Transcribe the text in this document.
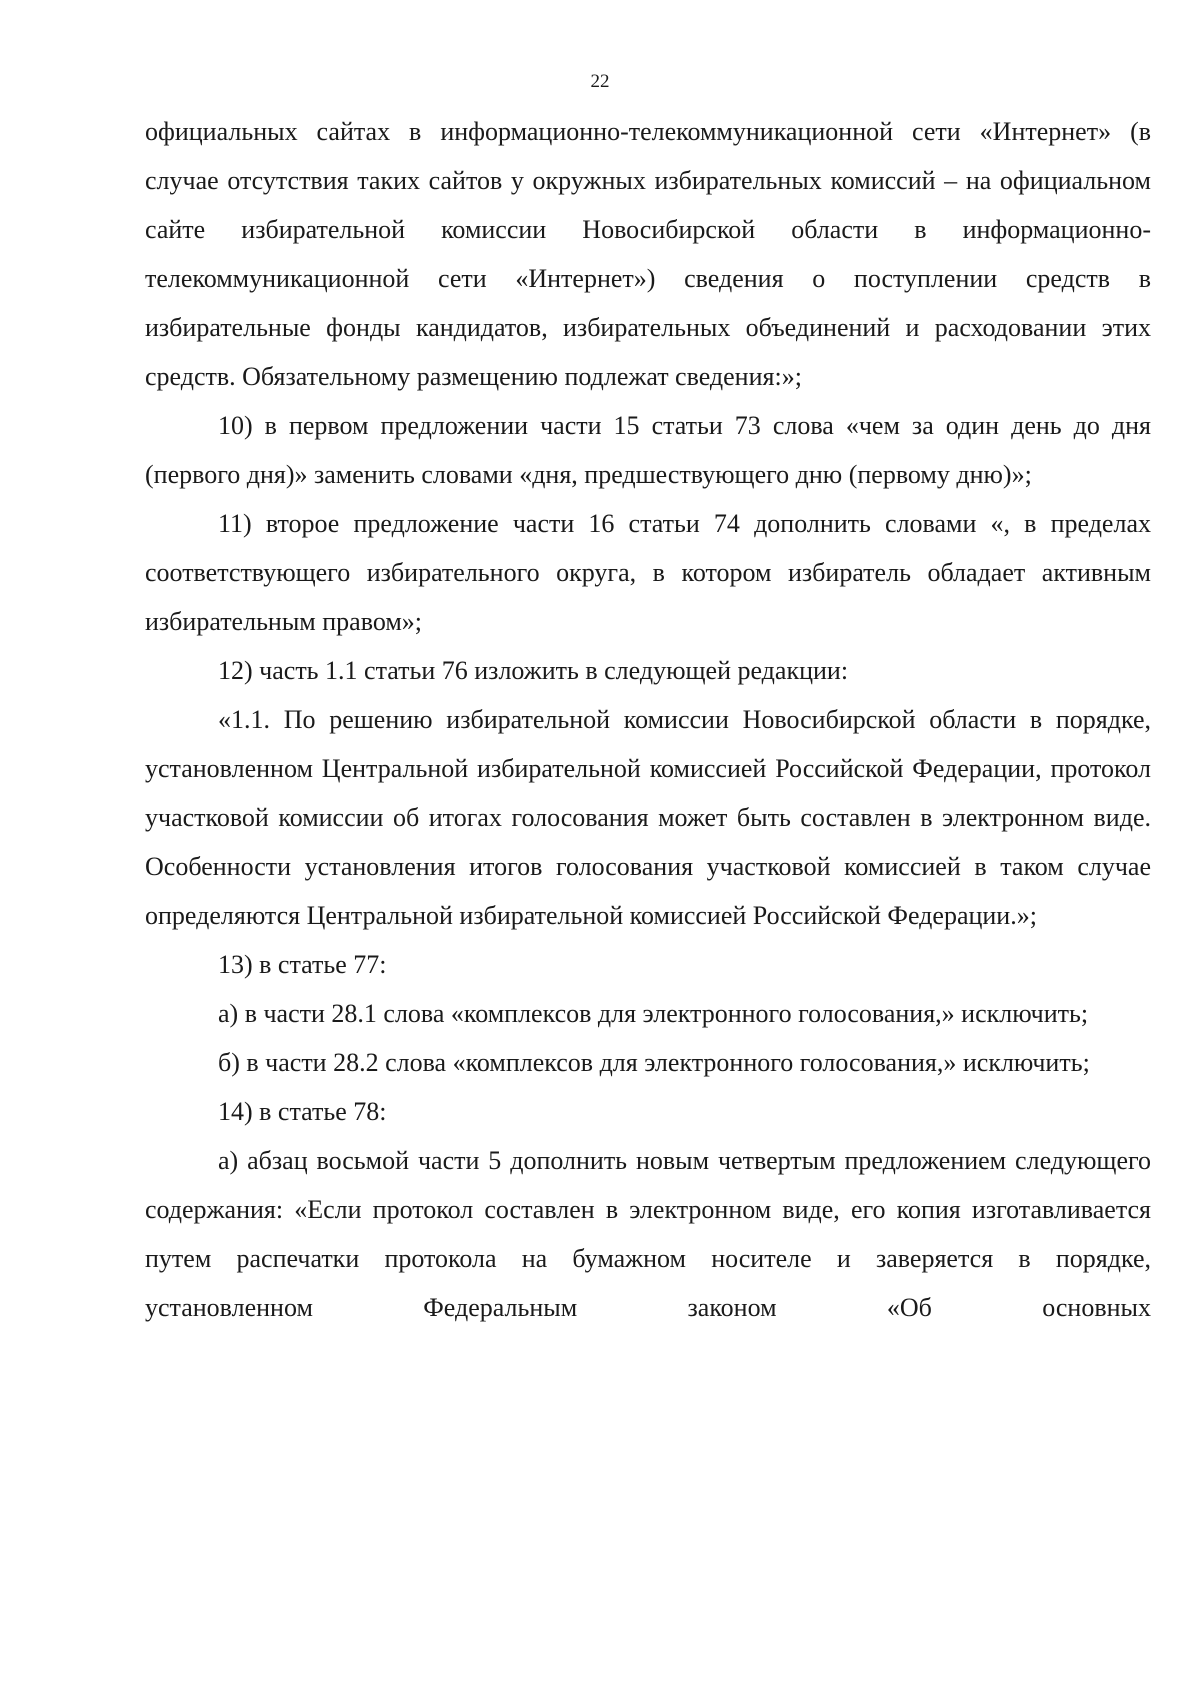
22

официальных сайтах в информационно-телекоммуникационной сети «Интернет» (в случае отсутствия таких сайтов у окружных избирательных комиссий – на официальном сайте избирательной комиссии Новосибирской области в информационно-телекоммуникационной сети «Интернет») сведения о поступлении средств в избирательные фонды кандидатов, избирательных объединений и расходовании этих средств. Обязательному размещению подлежат сведения:»;

10) в первом предложении части 15 статьи 73 слова «чем за один день до дня (первого дня)» заменить словами «дня, предшествующего дню (первому дню)»;

11) второе предложение части 16 статьи 74 дополнить словами «, в пределах соответствующего избирательного округа, в котором избиратель обладает активным избирательным правом»;

12) часть 1.1 статьи 76 изложить в следующей редакции:

«1.1. По решению избирательной комиссии Новосибирской области в порядке, установленном Центральной избирательной комиссией Российской Федерации, протокол участковой комиссии об итогах голосования может быть составлен в электронном виде. Особенности установления итогов голосования участковой комиссией в таком случае определяются Центральной избирательной комиссией Российской Федерации.»;

13) в статье 77:

а) в части 28.1 слова «комплексов для электронного голосования,» исключить;

б) в части 28.2 слова «комплексов для электронного голосования,» исключить;

14) в статье 78:

а) абзац восьмой части 5 дополнить новым четвертым предложением следующего содержания: «Если протокол составлен в электронном виде, его копия изготавливается путем распечатки протокола на бумажном носителе и заверяется в порядке, установленном Федеральным законом «Об основных
